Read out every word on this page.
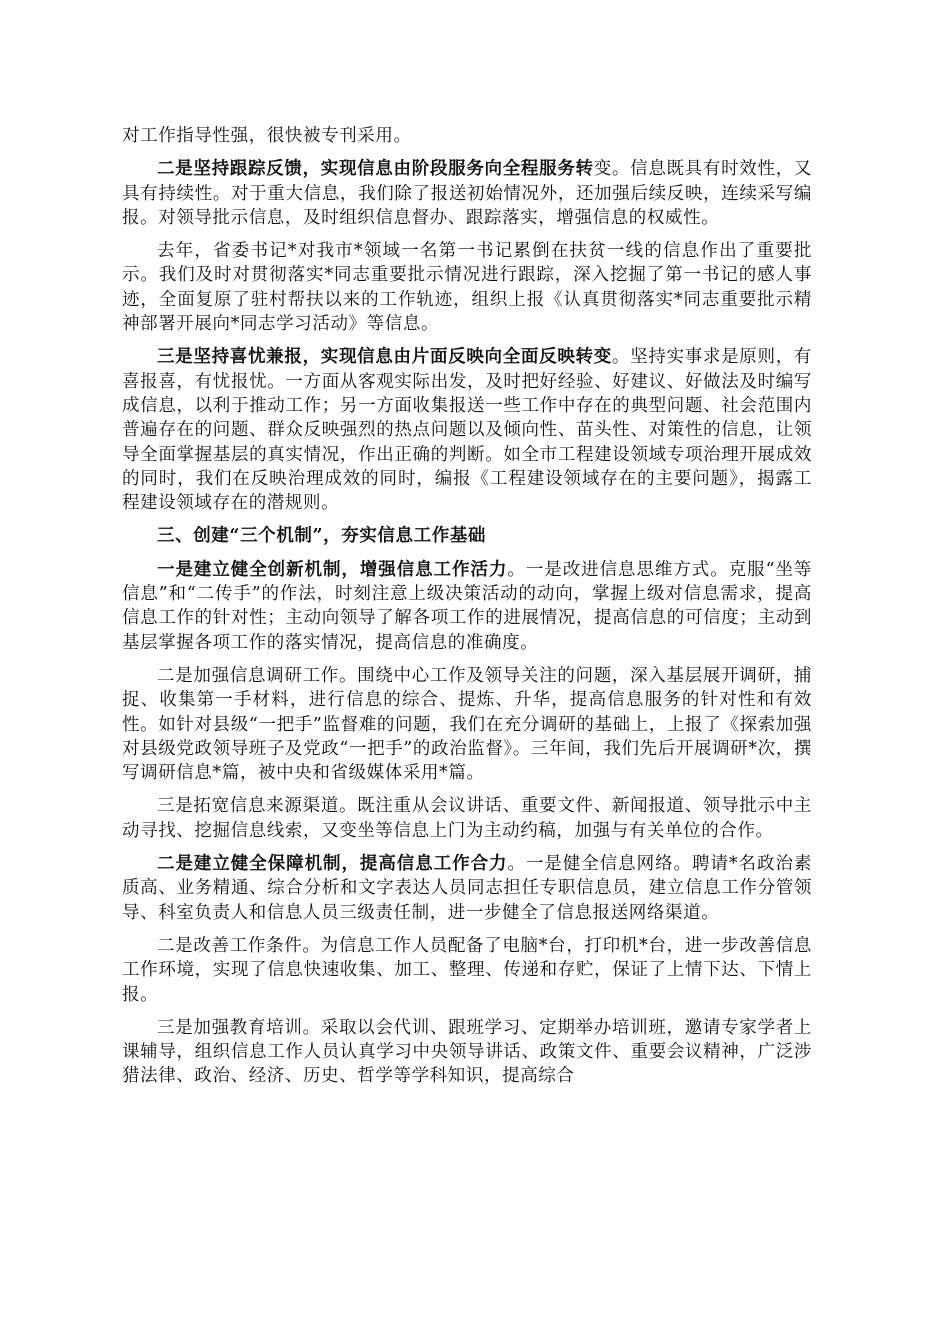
对工作指导性强，很快被专刊采用。

二是坚持跟踪反馈，实现信息由阶段服务向全程服务转变。信息既具有时效性，又具有持续性。对于重大信息，我们除了报送初始情况外，还加强后续反映，连续采写编报。对领导批示信息，及时组织信息督办、跟踪落实，增强信息的权威性。

去年，省委书记*对我市*领域一名第一书记累倒在扶贫一线的信息作出了重要批示。我们及时对贯彻落实*同志重要批示情况进行跟踪，深入挖掘了第一书记的感人事迹，全面复原了驻村帮扶以来的工作轨迹，组织上报《认真贯彻落实*同志重要批示精神部署开展向*同志学习活动》等信息。

三是坚持喜忧兼报，实现信息由片面反映向全面反映转变。坚持实事求是原则，有喜报喜，有忧报忧。一方面从客观实际出发，及时把好经验、好建议、好做法及时编写成信息，以利于推动工作；另一方面收集报送一些工作中存在的典型问题、社会范围内普遍存在的问题、群众反映强烈的热点问题以及倾向性、苗头性、对策性的信息，让领导全面掌握基层的真实情况，作出正确的判断。如全市工程建设领域专项治理开展成效的同时，我们在反映治理成效的同时，编报《工程建设领域存在的主要问题》，揭露工程建设领域存在的潜规则。

三、创建“三个机制”，夯实信息工作基础

一是建立健全创新机制，增强信息工作活力。一是改进信息思维方式。克服“坐等信息”和“二传手”的作法，时刻注意上级决策活动的动向，掌握上级对信息需求，提高信息工作的针对性；主动向领导了解各项工作的进展情况，提高信息的可信度；主动到基层掌握各项工作的落实情况，提高信息的准确度。

二是加强信息调研工作。围绕中心工作及领导关注的问题，深入基层展开调研，捕捉、收集第一手材料，进行信息的综合、提炼、升华，提高信息服务的针对性和有效性。如针对县级“一把手”监督难的问题，我们在充分调研的基础上，上报了《探索加强对县级党政领导班子及党政“一把手”的政治监督》。三年间，我们先后开展调研*次，撰写调研信息*篇，被中央和省级媒体采用*篇。

三是拓宽信息来源渠道。既注重从会议讲话、重要文件、新闻报道、领导批示中主动寻找、挖掘信息线索，又变坐等信息上门为主动约稿，加强与有关单位的合作。

二是建立健全保障机制，提高信息工作合力。一是健全信息网络。聘请*名政治素质高、业务精通、综合分析和文字表达人员同志担任专职信息员，建立信息工作分管领导、科室负责人和信息人员三级责任制，进一步健全了信息报送网络渠道。

二是改善工作条件。为信息工作人员配备了电脑*台，打印机*台，进一步改善信息工作环境，实现了信息快速收集、加工、整理、传递和存贮，保证了上情下达、下情上报。

三是加强教育培训。采取以会代训、跟班学习、定期举办培训班，邀请专家学者上课辅导，组织信息工作人员认真学习中央领导讲话、政策文件、重要会议精神，广泛涉猎法律、政治、经济、历史、哲学等学科知识，提高综合
